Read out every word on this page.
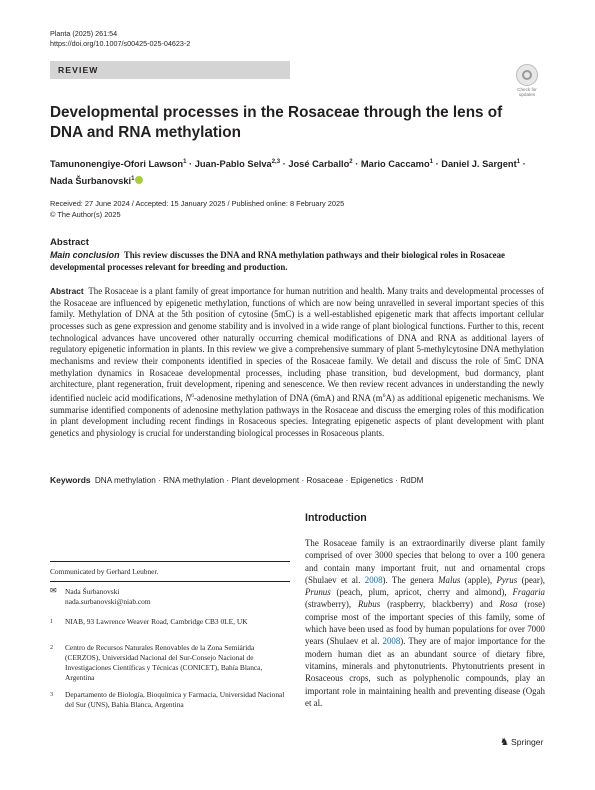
Planta (2025) 261:54
https://doi.org/10.1007/s00425-025-04623-2
REVIEW
Check for updates
Developmental processes in the Rosaceae through the lens of DNA and RNA methylation
Tamunonengiye-Ofori Lawson$^1$ · Juan-Pablo Selva$^{2,3}$ · José Carballo$^2$ · Mario Caccamo$^1$ · Daniel J. Sargent$^1$ ·
Nada Šurbanovski$^1$
Received: 27 June 2024 / Accepted: 15 January 2025 / Published online: 8 February 2025
© The Author(s) 2025
Abstract
Main conclusion This review discusses the DNA and RNA methylation pathways and their biological roles in Rosaceae developmental processes relevant for breeding and production.
Abstract The Rosaceae is a plant family of great importance for human nutrition and health. Many traits and developmental processes of the Rosaceae are influenced by epigenetic methylation, functions of which are now being unravelled in several important species of this family. Methylation of DNA at the 5th position of cytosine (5mC) is a well-established epigenetic mark that affects important cellular processes such as gene expression and genome stability and is involved in a wide range of plant biological functions. Further to this, recent technological advances have uncovered other naturally occurring chemical modifications of DNA and RNA as additional layers of regulatory epigenetic information in plants. In this review we give a comprehensive summary of plant 5-methylcytosine DNA methylation mechanisms and review their components identified in species of the Rosaceae family. We detail and discuss the role of 5mC DNA methylation dynamics in Rosaceae developmental processes, including phase transition, bud development, bud dormancy, plant architecture, plant regeneration, fruit development, ripening and senescence. We then review recent advances in understanding the newly identified nucleic acid modifications, $N^6$-adenosine methylation of DNA (6mA) and RNA $(m^6A)$ as additional epigenetic mechanisms. We summarise identified components of adenosine methylation pathways in the Rosaceae and discuss the emerging roles of this modification in plant development including recent findings in Rosaceous species. Integrating epigenetic aspects of plant development with plant genetics and physiology is crucial for understanding biological processes in Rosaceous plants.
Keywords DNA methylation · RNA methylation · Plant development · Rosaceae · Epigenetics · RdDM
Introduction
The Rosaceae family is an extraordinarily diverse plant family comprised of over 3000 species that belong to over a 100 genera and contain many important fruit, nut and ornamental crops (Shulaev et al. 2008). The genera Malus (apple), Pyrus (pear), Prunus (peach, plum, apricot, cherry and almond), Fragaria (strawberry), Rubus (raspberry, blackberry) and Rosa (rose) comprise most of the important species of this family, some of which have been used as food by human populations for over 7000 years (Shulaev et al. 2008). They are of major importance for the modern human diet as an abundant source of dietary fibre, vitamins, minerals and phytonutrients. Phytonutrients present in Rosaceous crops, such as polyphenolic compounds, play an important role in maintaining health and preventing disease (Ogah et al.
Communicated by Gerhard Leubner.
✉ Nada Šurbanovski
nada.surbanovski@niab.com
1 NIAB, 93 Lawrence Weaver Road, Cambridge CB3 0LE, UK
2 Centro de Recursos Naturales Renovables de la Zona Semiárida (CERZOS), Universidad Nacional del Sur-Consejo Nacional de Investigaciones Científicas y Técnicas (CONICET), Bahía Blanca, Argentina
3 Departamento de Biología, Bioquímica y Farmacia, Universidad Nacional del Sur (UNS), Bahía Blanca, Argentina
♞ Springer
